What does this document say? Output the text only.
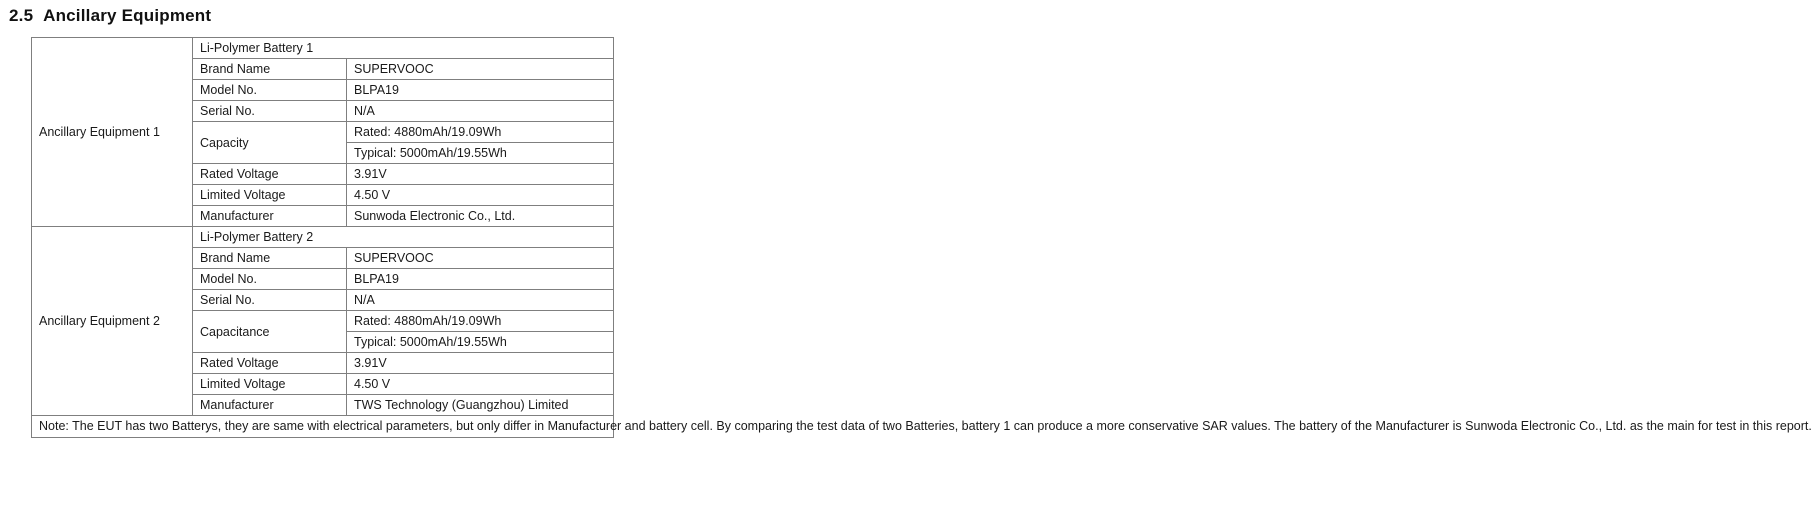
2.5 Ancillary Equipment
Ancillary Equipment 1	Li-Polymer Battery 1	
	Brand Name	SUPERVOOC
	Model No.	BLPA19
	Serial No.	N/A
	Capacity	Rated: 4880mAh/19.09Wh
		Typical: 5000mAh/19.55Wh
	Rated Voltage	3.91V
	Limited Voltage	4.50 V
	Manufacturer	Sunwoda Electronic Co., Ltd.
Ancillary Equipment 2	Li-Polymer Battery 2	
	Brand Name	SUPERVOOC
	Model No.	BLPA19
	Serial No.	N/A
	Capacitance	Rated: 4880mAh/19.09Wh
		Typical: 5000mAh/19.55Wh
	Rated Voltage	3.91V
	Limited Voltage	4.50 V
	Manufacturer	TWS Technology (Guangzhou) Limited
Note: The EUT has two Batterys, they are same with electrical parameters, but only differ in Manufacturer and battery cell. By comparing the test data of two Batteries, battery 1 can produce a more conservative SAR values. The battery of the Manufacturer is Sunwoda Electronic Co., Ltd. as the main for test in this report.		
